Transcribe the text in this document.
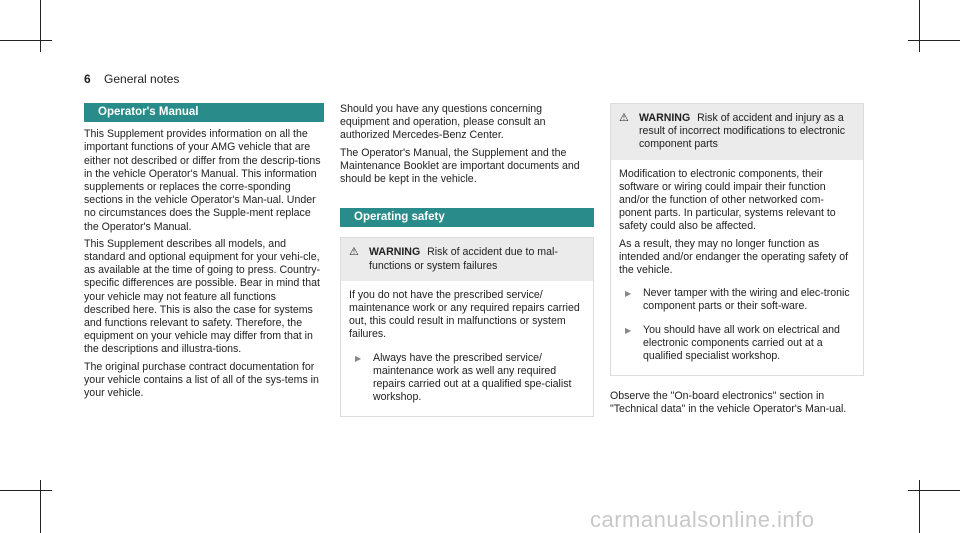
6 General notes
Operator's Manual

This Supplement provides information on all the important functions of your AMG vehicle that are either not described or differ from the descrip-tions in the vehicle Operator's Manual. This information supplements or replaces the corre-sponding sections in the vehicle Operator's Man-ual. Under no circumstances does the Supple-ment replace the Operator's Manual.

This Supplement describes all models, and standard and optional equipment for your vehi-cle, as available at the time of going to press. Country-specific differences are possible. Bear in mind that your vehicle may not feature all functions described here. This is also the case for systems and functions relevant to safety. Therefore, the equipment on your vehicle may differ from that in the descriptions and illustra-tions.

The original purchase contract documentation for your vehicle contains a list of all of the sys-tems in your vehicle.

Should you have any questions concerning equipment and operation, please consult an authorized Mercedes-Benz Center.

The Operator's Manual, the Supplement and the Maintenance Booklet are important documents and should be kept in the vehicle.

Operating safety
⚠ WARNING Risk of accident due to mal-functions or system failures

If you do not have the prescribed service/ maintenance work or any required repairs carried out, this could result in malfunctions or system failures.

▶	Always have the prescribed service/ maintenance work as well any required repairs carried out at a qualified spe-cialist workshop.
⚠ WARNING Risk of accident and injury as a result of incorrect modifications to electronic component parts

Modification to electronic components, their software or wiring could impair their function and/or the function of other networked com-ponent parts. In particular, systems relevant to safety could also be affected.

As a result, they may no longer function as intended and/or endanger the operating safety of the vehicle.

▶	Never tamper with the wiring and elec-tronic component parts or their soft-ware.
▶	You should have all work on electrical and electronic components carried out at a qualified specialist workshop.

Observe the "On-board electronics" section in "Technical data" in the vehicle Operator's Man-ual.

carmanualsonline.info
